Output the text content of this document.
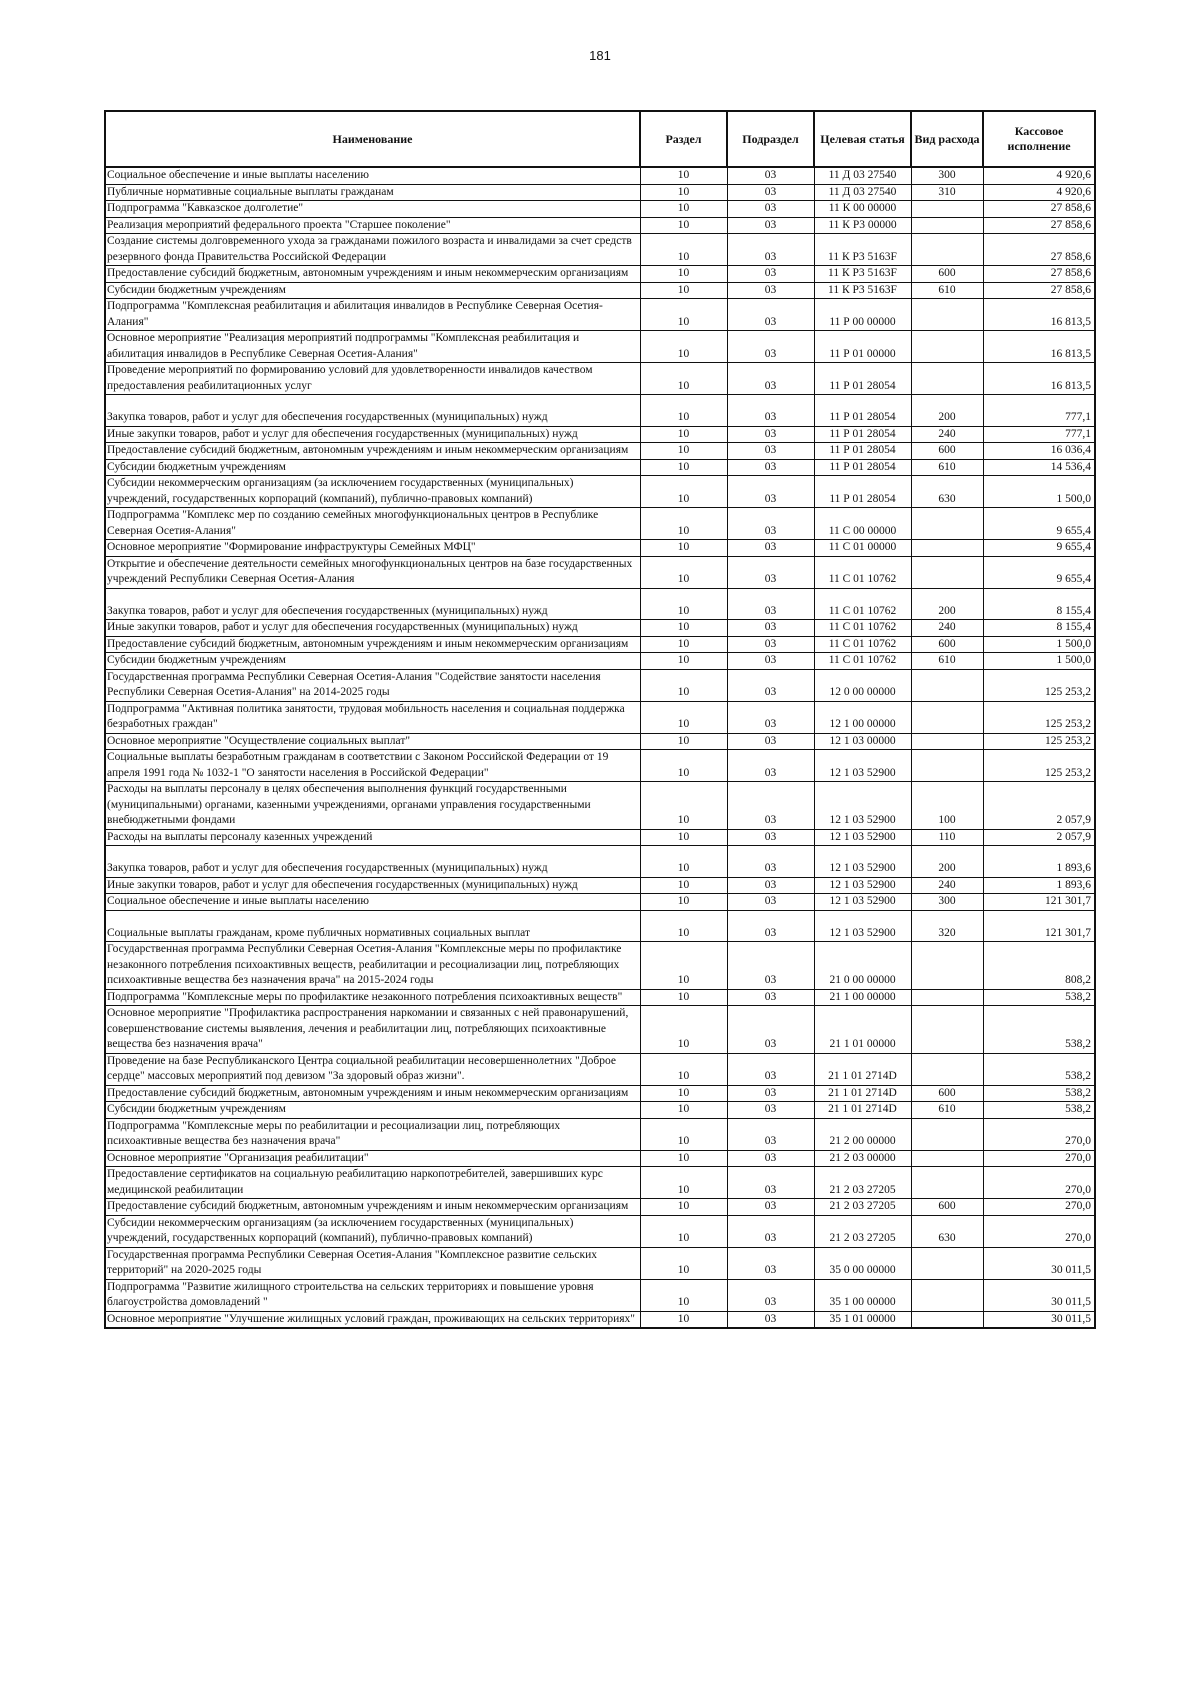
181
Наименование	Раздел	Подраздел	Целевая статья	Вид расхода	Кассовое исполнение
Социальное обеспечение и иные выплаты населению	10	03	11 Д 03 27540	300	4 920,6
Публичные нормативные социальные выплаты гражданам	10	03	11 Д 03 27540	310	4 920,6
Подпрограмма "Кавказское долголетие"	10	03	11 К 00 00000		27 858,6
Реализация мероприятий федерального проекта "Старшее поколение"	10	03	11 К Р3 00000		27 858,6
Создание системы долговременного ухода за гражданами пожилого возраста и инвалидами за счет средств резервного фонда Правительства Российской Федерации	10	03	11 К Р3 5163F		27 858,6
Предоставление субсидий бюджетным, автономным учреждениям и иным некоммерческим организациям	10	03	11 К Р3 5163F	600	27 858,6
Субсидии бюджетным учреждениям	10	03	11 К Р3 5163F	610	27 858,6
Подпрограмма "Комплексная реабилитация и абилитация инвалидов в Республике Северная Осетия-Алания"	10	03	11 Р 00 00000		16 813,5
Основное мероприятие "Реализация мероприятий подпрограммы "Комплексная реабилитация и абилитация инвалидов в Республике Северная Осетия-Алания"	10	03	11 Р 01 00000		16 813,5
Проведение мероприятий по формированию условий для удовлетворенности инвалидов качеством предоставления реабилитационных услуг	10	03	11 Р 01 28054		16 813,5
Закупка товаров, работ и услуг для обеспечения государственных (муниципальных) нужд	10	03	11 Р 01 28054	200	777,1
Иные закупки товаров, работ и услуг для обеспечения государственных (муниципальных) нужд	10	03	11 Р 01 28054	240	777,1
Предоставление субсидий бюджетным, автономным учреждениям и иным некоммерческим организациям	10	03	11 Р 01 28054	600	16 036,4
Субсидии бюджетным учреждениям	10	03	11 Р 01 28054	610	14 536,4
Субсидии некоммерческим организациям (за исключением государственных (муниципальных) учреждений, государственных корпораций (компаний), публично-правовых компаний)	10	03	11 Р 01 28054	630	1 500,0
Подпрограмма "Комплекс мер по созданию семейных многофункциональных центров в Республике Северная Осетия-Алания"	10	03	11 С 00 00000		9 655,4
Основное мероприятие "Формирование инфраструктуры Семейных МФЦ"	10	03	11 С 01 00000		9 655,4
Открытие и обеспечение деятельности семейных многофункциональных центров на базе государственных учреждений Республики Северная Осетия-Алания	10	03	11 С 01 10762		9 655,4
Закупка товаров, работ и услуг для обеспечения государственных (муниципальных) нужд	10	03	11 С 01 10762	200	8 155,4
Иные закупки товаров, работ и услуг для обеспечения государственных (муниципальных) нужд	10	03	11 С 01 10762	240	8 155,4
Предоставление субсидий бюджетным, автономным учреждениям и иным некоммерческим организациям	10	03	11 С 01 10762	600	1 500,0
Субсидии бюджетным учреждениям	10	03	11 С 01 10762	610	1 500,0
Государственная программа Республики Северная Осетия-Алания "Содействие занятости населения Республики Северная Осетия-Алания" на 2014-2025 годы	10	03	12 0 00 00000		125 253,2
Подпрограмма "Активная политика занятости, трудовая мобильность населения и социальная поддержка безработных граждан"	10	03	12 1 00 00000		125 253,2
Основное мероприятие "Осуществление социальных выплат"	10	03	12 1 03 00000		125 253,2
Социальные выплаты безработным гражданам в соответствии с Законом Российской Федерации от 19 апреля 1991 года № 1032-1 "О занятости населения в Российской Федерации"	10	03	12 1 03 52900		125 253,2
Расходы на выплаты персоналу в целях обеспечения выполнения функций государственными (муниципальными) органами, казенными учреждениями, органами управления государственными внебюджетными фондами	10	03	12 1 03 52900	100	2 057,9
Расходы на выплаты персоналу казенных учреждений	10	03	12 1 03 52900	110	2 057,9
Закупка товаров, работ и услуг для обеспечения государственных (муниципальных) нужд	10	03	12 1 03 52900	200	1 893,6
Иные закупки товаров, работ и услуг для обеспечения государственных (муниципальных) нужд	10	03	12 1 03 52900	240	1 893,6
Социальное обеспечение и иные выплаты населению	10	03	12 1 03 52900	300	121 301,7
Социальные выплаты гражданам, кроме публичных нормативных социальных выплат	10	03	12 1 03 52900	320	121 301,7
Государственная программа Республики Северная Осетия-Алания "Комплексные меры по профилактике незаконного потребления психоактивных веществ, реабилитации и ресоциализации лиц, потребляющих психоактивные вещества без назначения врача" на 2015-2024 годы	10	03	21 0 00 00000		808,2
Подпрограмма "Комплексные меры по профилактике незаконного потребления психоактивных веществ"	10	03	21 1 00 00000		538,2
Основное мероприятие "Профилактика распространения наркомании и связанных с ней правонарушений, совершенствование системы выявления, лечения и реабилитации лиц, потребляющих психоактивные вещества без назначения врача"	10	03	21 1 01 00000		538,2
Проведение на базе Республиканского Центра социальной реабилитации несовершеннолетних "Доброе сердце" массовых мероприятий под девизом "За здоровый образ жизни".	10	03	21 1 01 2714D		538,2
Предоставление субсидий бюджетным, автономным учреждениям и иным некоммерческим организациям	10	03	21 1 01 2714D	600	538,2
Субсидии бюджетным учреждениям	10	03	21 1 01 2714D	610	538,2
Подпрограмма "Комплексные меры по реабилитации и ресоциализации лиц, потребляющих психоактивные вещества без назначения врача"	10	03	21 2 00 00000		270,0
Основное мероприятие "Организация реабилитации"	10	03	21 2 03 00000		270,0
Предоставление сертификатов на социальную реабилитацию наркопотребителей, завершивших курс медицинской реабилитации	10	03	21 2 03 27205		270,0
Предоставление субсидий бюджетным, автономным учреждениям и иным некоммерческим организациям	10	03	21 2 03 27205	600	270,0
Субсидии некоммерческим организациям (за исключением государственных (муниципальных) учреждений, государственных корпораций (компаний), публично-правовых компаний)	10	03	21 2 03 27205	630	270,0
Государственная программа Республики Северная Осетия-Алания "Комплексное развитие сельских территорий" на 2020-2025 годы	10	03	35 0 00 00000		30 011,5
Подпрограмма "Развитие жилищного строительства на сельских территориях и повышение уровня благоустройства домовладений "	10	03	35 1 00 00000		30 011,5
Основное мероприятие "Улучшение жилищных условий граждан, проживающих на сельских территориях"	10	03	35 1 01 00000		30 011,5
